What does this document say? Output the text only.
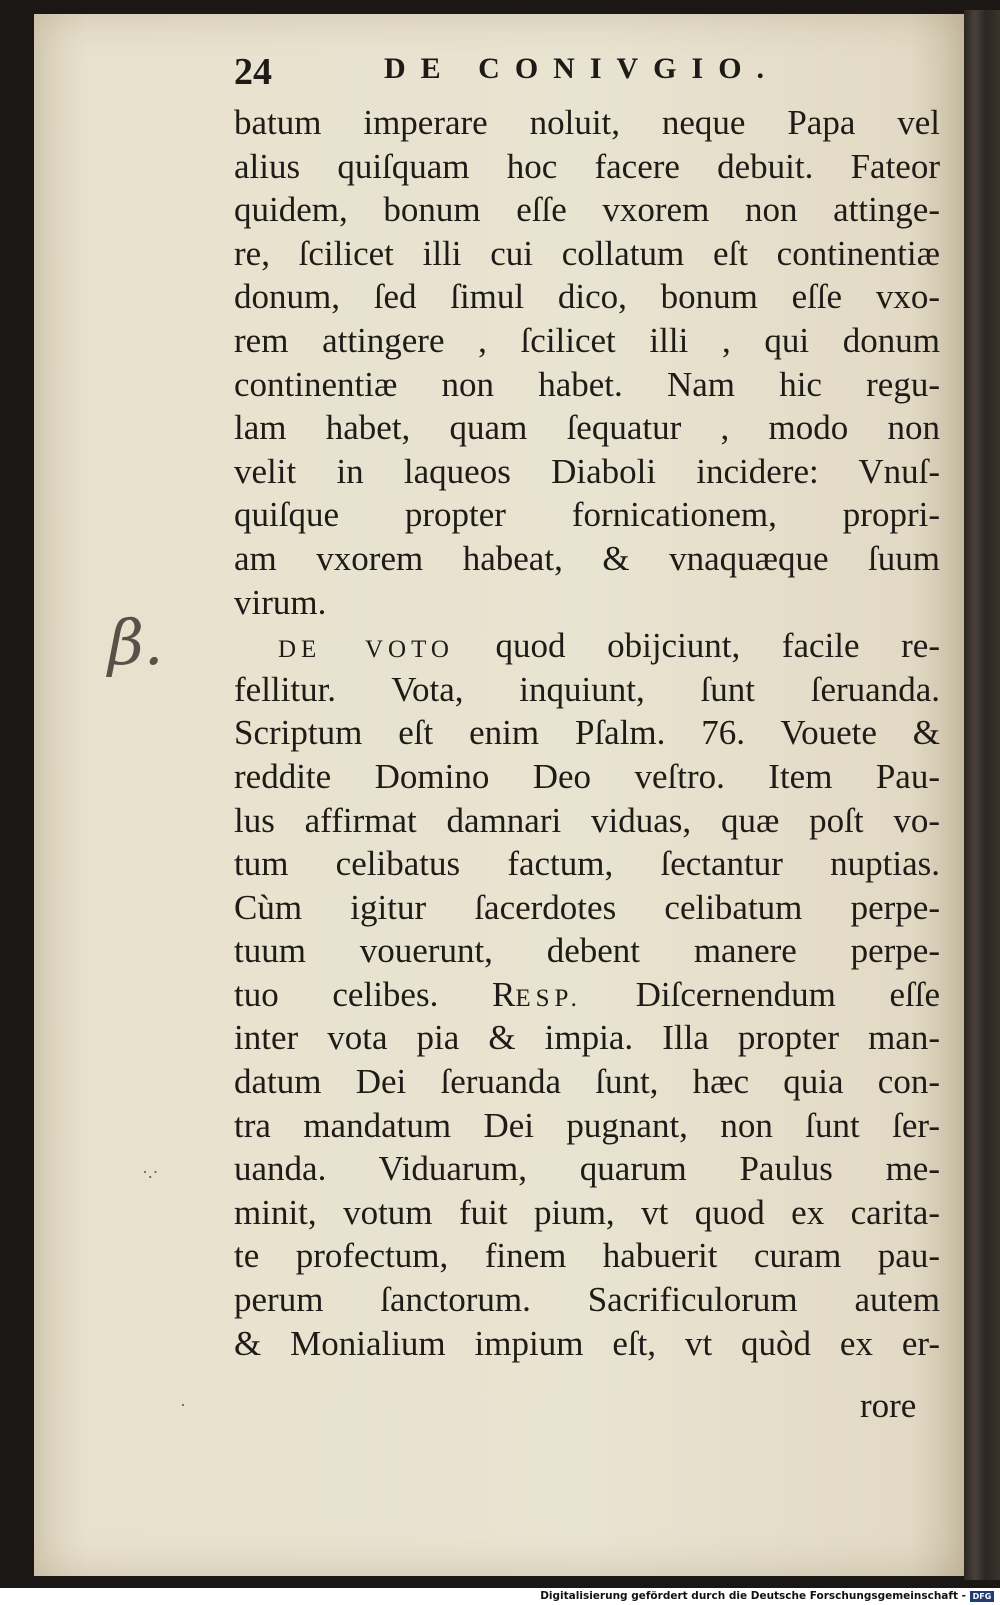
24	DE CONIVGIO.
β.
·.·
·
batum imperare noluit, neque Papa vel
alius quiſquam hoc facere debuit. Fateor
quidem, bonum eſſe vxorem non attinge-
re, ſcilicet illi cui collatum eſt continentiæ
donum, ſed ſimul dico, bonum eſſe vxo-
rem attingere , ſcilicet illi , qui donum
continentiæ non habet. Nam hic regu-
lam habet, quam ſequatur , modo non
velit in laqueos Diaboli incidere: Vnuſ-
quiſque propter fornicationem, propri-
am vxorem habeat, & vnaquæque ſuum
virum.
DE VOTO quod obijciunt, facile re-
fellitur. Vota, inquiunt, ſunt ſeruanda.
Scriptum eſt enim Pſalm. 76. Vouete &
reddite Domino Deo veſtro. Item Pau-
lus affirmat damnari viduas, quæ poſt vo-
tum celibatus factum, ſectantur nuptias.
Cùm igitur ſacerdotes celibatum perpe-
tuum vouerunt, debent manere perpe-
tuo celibes. RESP. Diſcernendum eſſe
inter vota pia & impia. Illa propter man-
datum Dei ſeruanda ſunt, hæc quia con-
tra mandatum Dei pugnant, non ſunt ſer-
uanda. Viduarum, quarum Paulus me-
minit, votum fuit pium, vt quod ex carita-
te profectum, finem habuerit curam pau-
perum ſanctorum. Sacrificulorum autem
& Monialium impium eſt, vt quòd ex er-
rore
Digitalisierung gefördert durch die Deutsche Forschungsgemeinschaft - DFG
